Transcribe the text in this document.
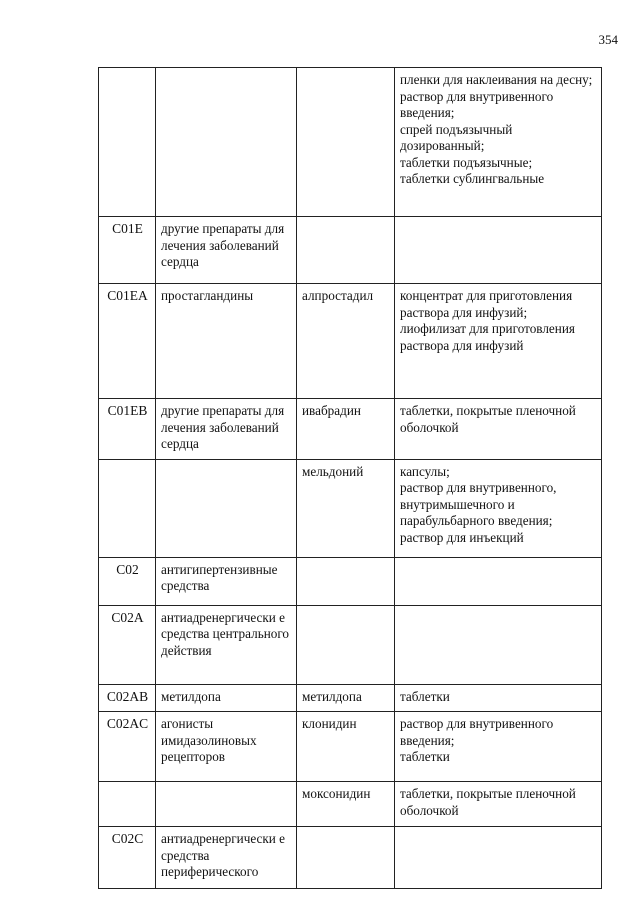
354

			пленки для наклеивания на десну;
раствор для внутривенного введения;
спрей подъязычный дозированный;
таблетки подъязычные;
таблетки сублингвальные

C01E	другие препараты для лечения заболеваний сердца		
C01EA	простагландины	алпростадил	концентрат для приготовления раствора для инфузий;
лиофилизат для приготовления раствора для инфузий

C01EB	другие препараты для лечения заболеваний сердца	ивабрадин	таблетки, покрытые пленочной оболочкой

		мельдоний	капсулы;
раствор для внутривенного, внутримышечного и парабульбарного введения;
раствор для инъекций

C02	антигипертензивные средства		
C02A	антиадренергически е средства центрального действия		
C02AB	метилдопа	метилдопа	таблетки

C02AC	агонисты имидазолиновых рецепторов	клонидин	раствор для внутривенного введения;
таблетки

		моксонидин	таблетки, покрытые пленочной оболочкой

C02C	антиадренергически е средства периферического		
